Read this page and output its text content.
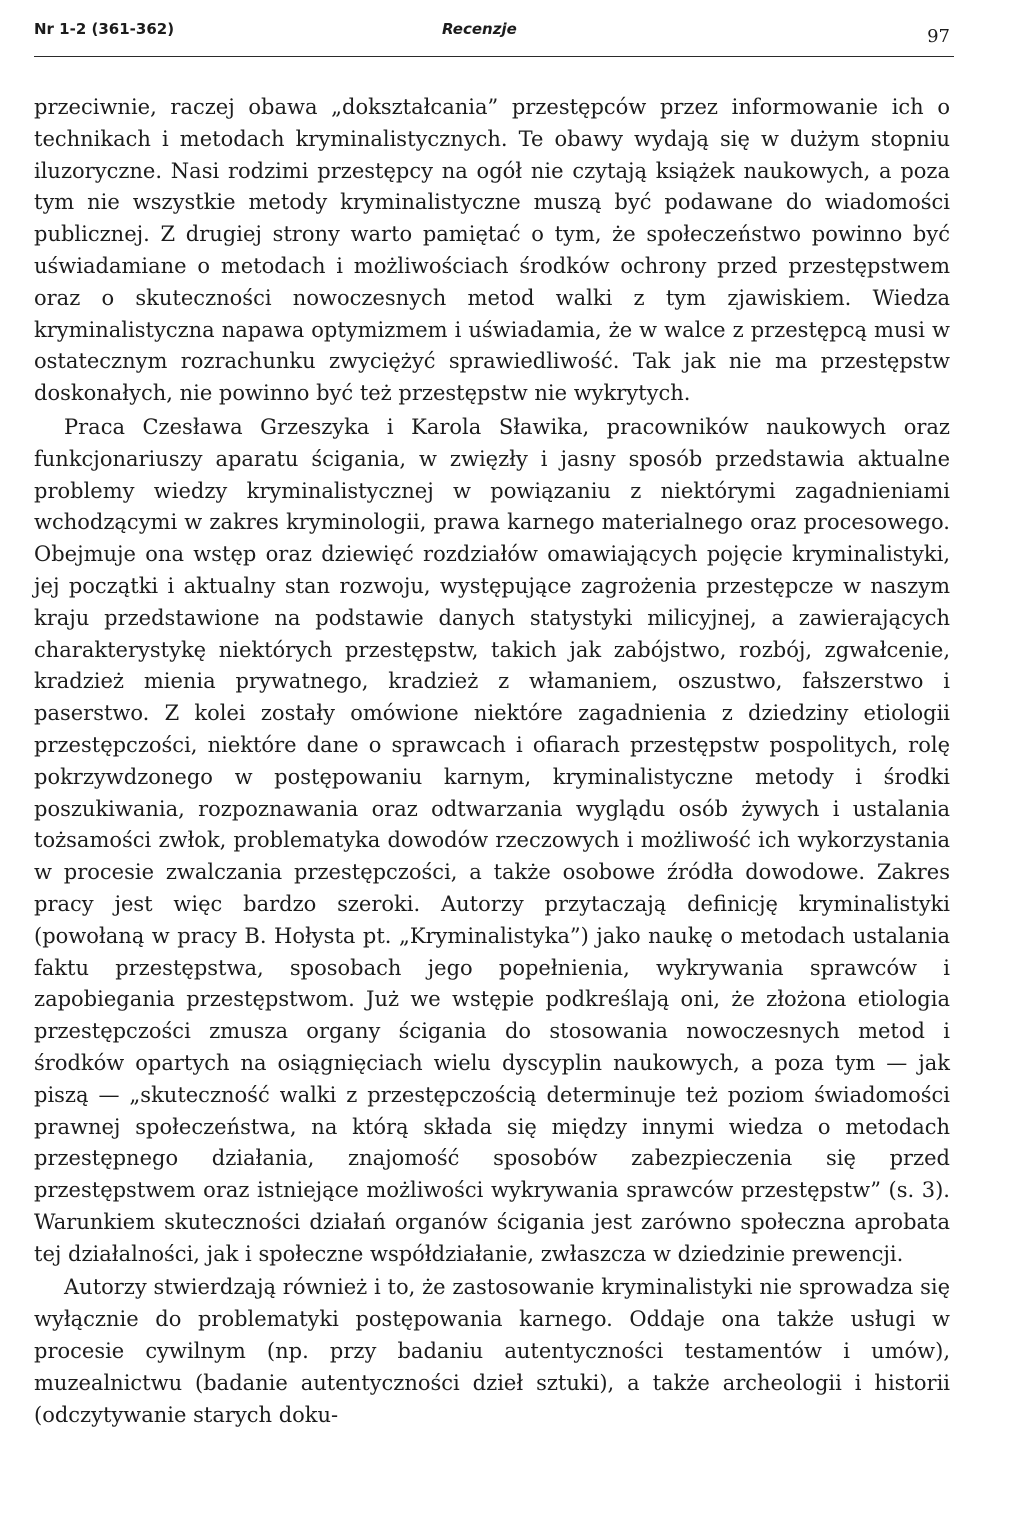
Nr 1-2 (361-362)	Recenzje	97

przeciwnie, raczej obawa „dokształcania” przestępców przez informowanie ich o technikach i metodach kryminalistycznych. Te obawy wydają się w dużym stopniu iluzoryczne. Nasi rodzimi przestępcy na ogół nie czytają książek naukowych, a poza tym nie wszystkie metody kryminalistyczne muszą być podawane do wiadomości publicznej. Z drugiej strony warto pamiętać o tym, że społeczeństwo powinno być uświadamiane o metodach i możliwościach środków ochrony przed przestępstwem oraz o skuteczności nowoczesnych metod walki z tym zjawiskiem. Wiedza kryminalistyczna napawa optymizmem i uświadamia, że w walce z przestępcą musi w ostatecznym rozrachunku zwyciężyć sprawiedliwość. Tak jak nie ma przestępstw doskonałych, nie powinno być też przestępstw nie wykrytych.

Praca Czesława Grzeszyka i Karola Sławika, pracowników naukowych oraz funkcjonariuszy aparatu ścigania, w zwięzły i jasny sposób przedstawia aktualne problemy wiedzy kryminalistycznej w powiązaniu z niektórymi zagadnieniami wchodzącymi w zakres kryminologii, prawa karnego materialnego oraz procesowego. Obejmuje ona wstęp oraz dziewięć rozdziałów omawiających pojęcie kryminalistyki, jej początki i aktualny stan rozwoju, występujące zagrożenia przestępcze w naszym kraju przedstawione na podstawie danych statystyki milicyjnej, a zawierających charakterystykę niektórych przestępstw, takich jak zabójstwo, rozbój, zgwałcenie, kradzież mienia prywatnego, kradzież z włamaniem, oszustwo, fałszerstwo i paserstwo. Z kolei zostały omówione niektóre zagadnienia z dziedziny etiologii przestępczości, niektóre dane o sprawcach i ofiarach przestępstw pospolitych, rolę pokrzywdzonego w postępowaniu karnym, kryminalistyczne metody i środki poszukiwania, rozpoznawania oraz odtwarzania wyglądu osób żywych i ustalania tożsamości zwłok, problematyka dowodów rzeczowych i możliwość ich wykorzystania w procesie zwalczania przestępczości, a także osobowe źródła dowodowe. Zakres pracy jest więc bardzo szeroki. Autorzy przytaczają definicję kryminalistyki (powołaną w pracy B. Hołysta pt. „Kryminalistyka”) jako naukę o metodach ustalania faktu przestępstwa, sposobach jego popełnienia, wykrywania sprawców i zapobiegania przestępstwom. Już we wstępie podkreślają oni, że złożona etiologia przestępczości zmusza organy ścigania do stosowania nowoczesnych metod i środków opartych na osiągnięciach wielu dyscyplin naukowych, a poza tym — jak piszą — „skuteczność walki z przestępczością determinuje też poziom świadomości prawnej społeczeństwa, na którą składa się między innymi wiedza o metodach przestępnego działania, znajomość sposobów zabezpieczenia się przed przestępstwem oraz istniejące możliwości wykrywania sprawców przestępstw” (s. 3). Warunkiem skuteczności działań organów ścigania jest zarówno społeczna aprobata tej działalności, jak i społeczne współdziałanie, zwłaszcza w dziedzinie prewencji.

Autorzy stwierdzają również i to, że zastosowanie kryminalistyki nie sprowadza się wyłącznie do problematyki postępowania karnego. Oddaje ona także usługi w procesie cywilnym (np. przy badaniu autentyczności testamentów i umów), muzealnictwu (badanie autentyczności dzieł sztuki), a także archeologii i historii (odczytywanie starych doku-
